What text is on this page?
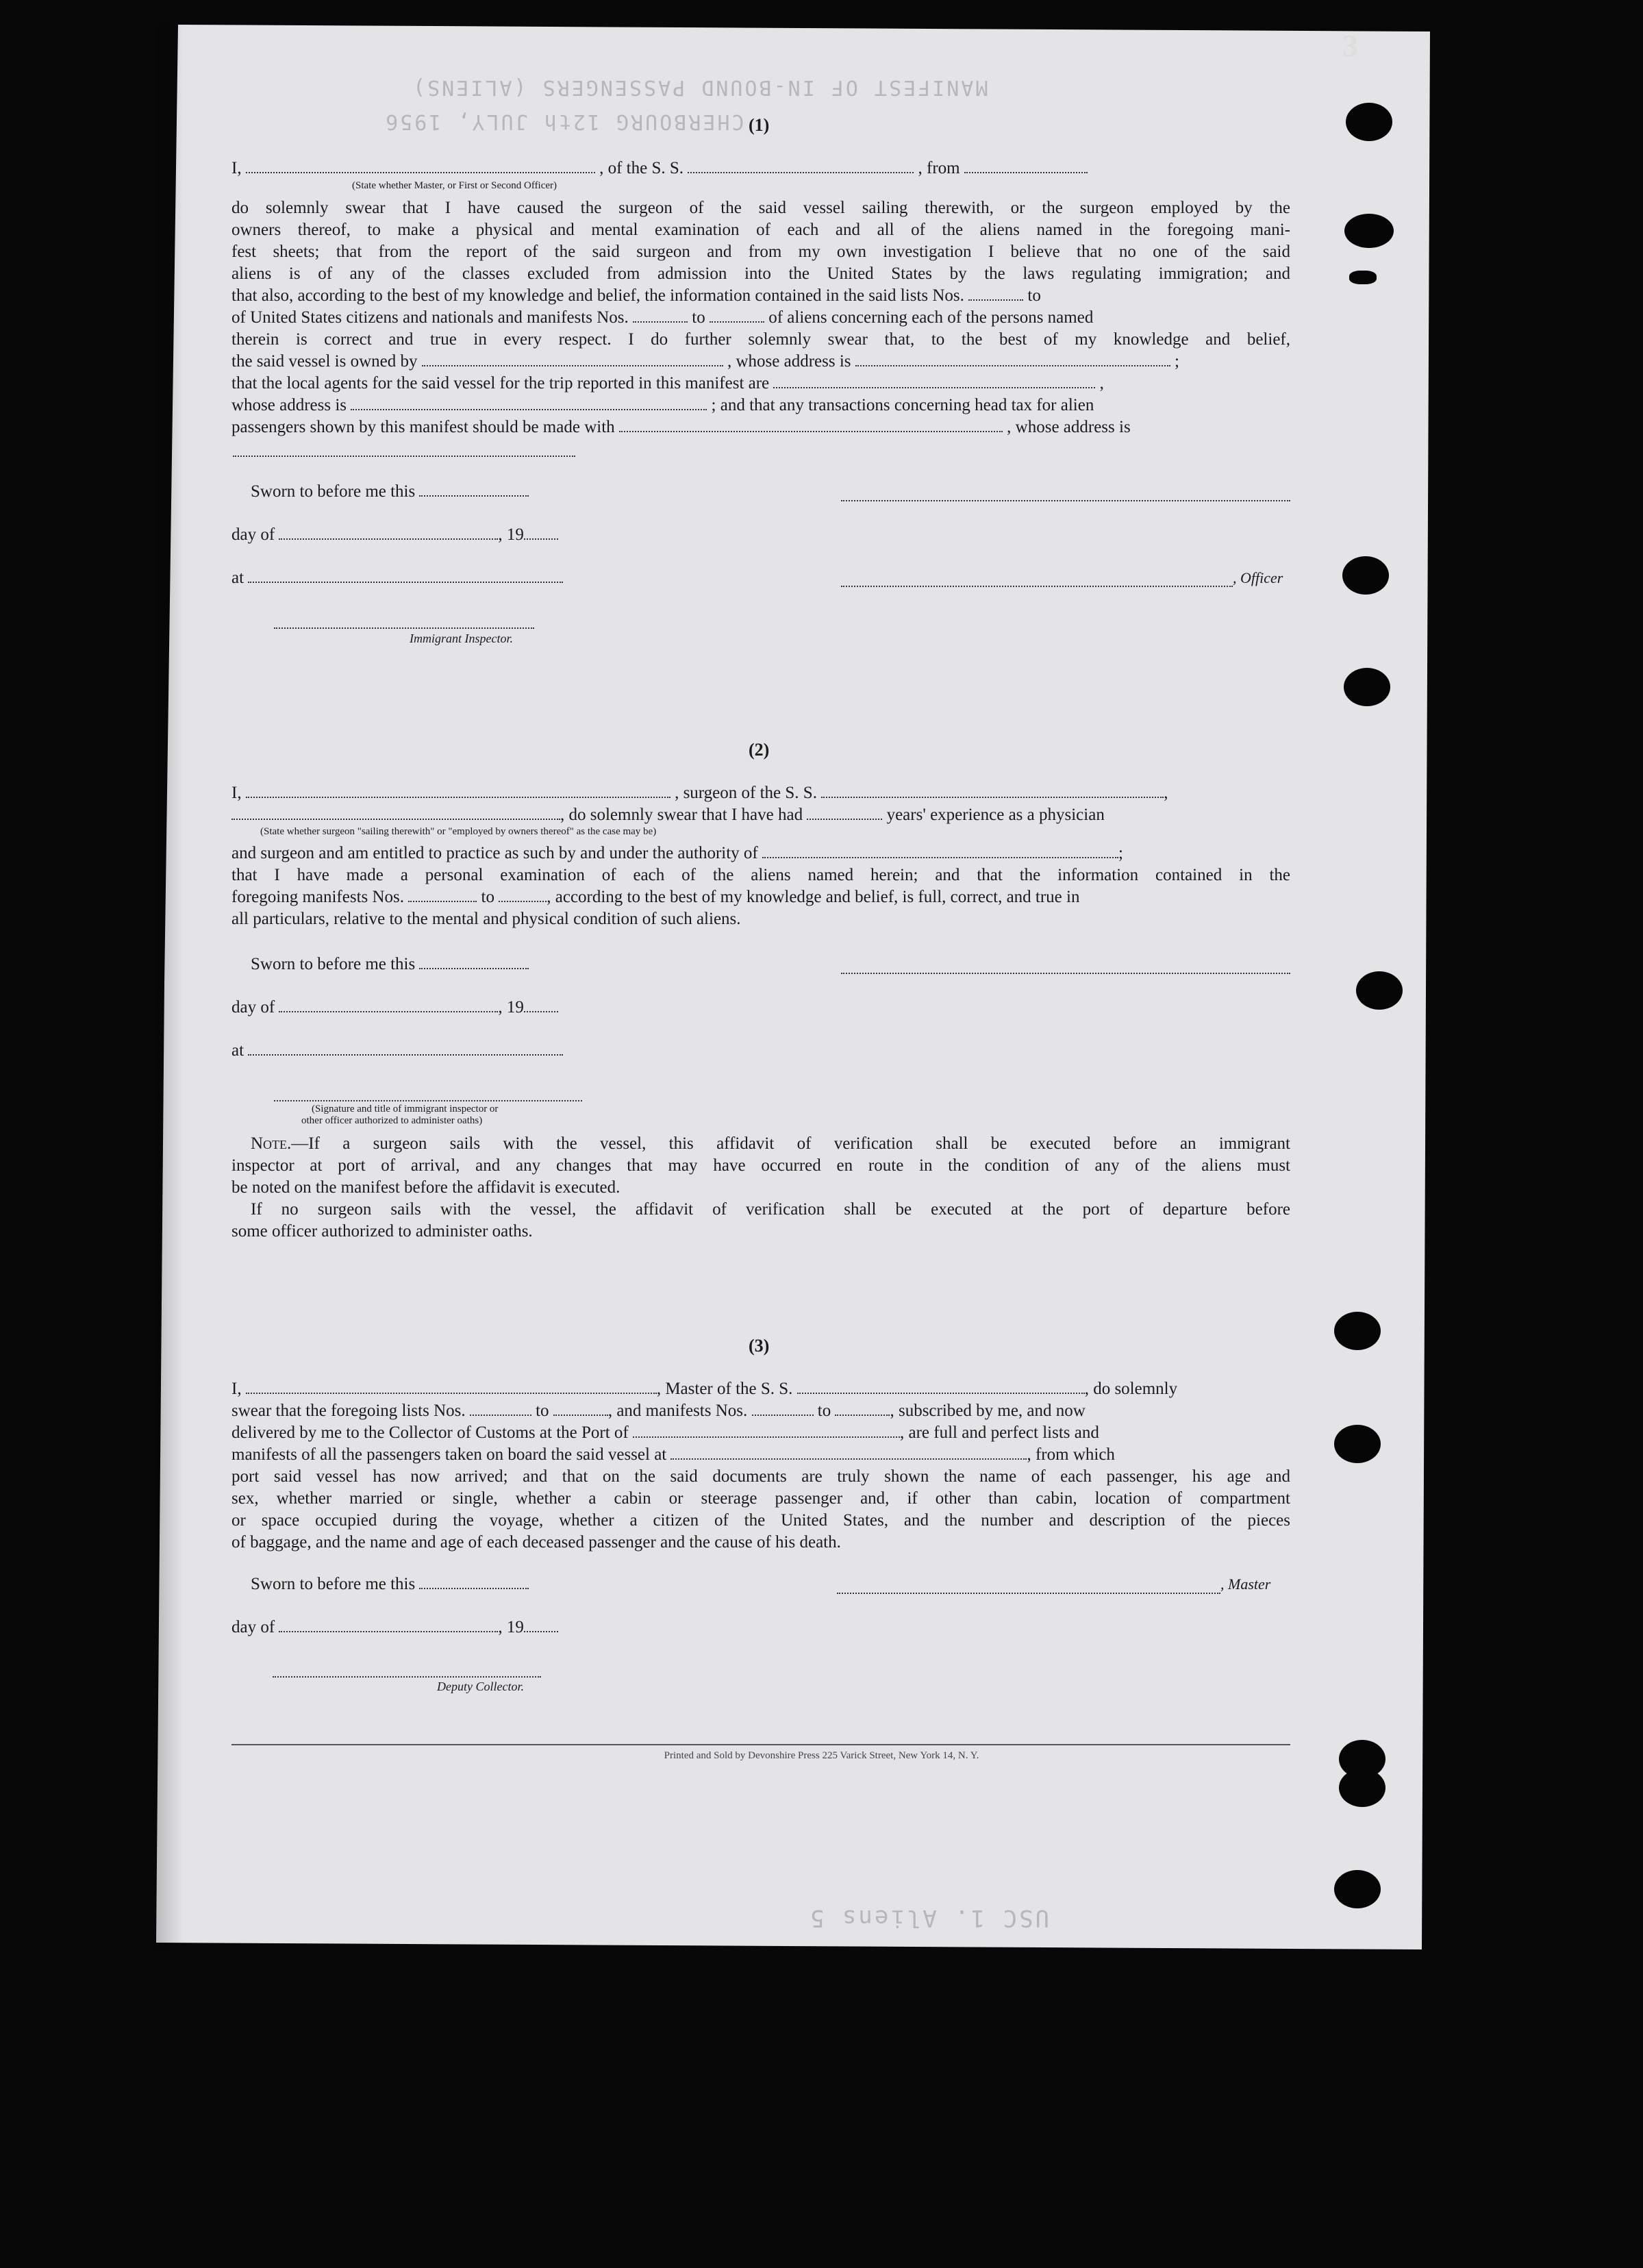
MANIFEST OF IN-BOUND PASSENGERS (ALIENS)
CHERBOURG 12th JULY, 1956
USC 1. Aliens 5
3
(1)
I,	, of the S. S.	, from
(State whether Master, or First or Second Officer)
do solemnly swear that I have caused the surgeon of the said vessel sailing therewith, or the surgeon employed by the
owners thereof, to make a physical and mental examination of each and all of the aliens named in the foregoing mani-
fest sheets; that from the report of the said surgeon and from my own investigation I believe that no one of the said
aliens is of any of the classes excluded from admission into the United States by the laws regulating immigration; and
that also, according to the best of my knowledge and belief, the information contained in the said lists Nos.	to
of United States citizens and nationals and manifests Nos.	to	of aliens concerning each of the persons named
therein is correct and true in every respect. I do further solemnly swear that, to the best of my knowledge and belief,
the said vessel is owned by	, whose address is	;
that the local agents for the said vessel for the trip reported in this manifest are	,
whose address is	; and that any transactions concerning head tax for alien
passengers shown by this manifest should be made with	, whose address is
Sworn to before me this
day of	, 19
at	, Officer
Immigrant Inspector.
(2)
I,	, surgeon of the S. S.	,
, do solemnly swear that I have had	years' experience as a physician
(State whether surgeon "sailing therewith" or "employed by owners thereof" as the case may be)
and surgeon and am entitled to practice as such by and under the authority of	;
that I have made a personal examination of each of the aliens named herein; and that the information contained in the
foregoing manifests Nos.	to	, according to the best of my knowledge and belief, is full, correct, and true in
all particulars, relative to the mental and physical condition of such aliens.
Sworn to before me this
day of	, 19
at
(Signature and title of immigrant inspector or
other officer authorized to administer oaths)
Note.—If a surgeon sails with the vessel, this affidavit of verification shall be executed before an immigrant
inspector at port of arrival, and any changes that may have occurred en route in the condition of any of the aliens must
be noted on the manifest before the affidavit is executed.
If no surgeon sails with the vessel, the affidavit of verification shall be executed at the port of departure before
some officer authorized to administer oaths.
(3)
I,	, Master of the S. S.	, do solemnly
swear that the foregoing lists Nos.	to	, and manifests Nos.	to	, subscribed by me, and now
delivered by me to the Collector of Customs at the Port of	, are full and perfect lists and
manifests of all the passengers taken on board the said vessel at	, from which
port said vessel has now arrived; and that on the said documents are truly shown the name of each passenger, his age and
sex, whether married or single, whether a cabin or steerage passenger and, if other than cabin, location of compartment
or space occupied during the voyage, whether a citizen of the United States, and the number and description of the pieces
of baggage, and the name and age of each deceased passenger and the cause of his death.
Sworn to before me this	, Master
day of	, 19
Deputy Collector.
Printed and Sold by Devonshire Press 225 Varick Street, New York 14, N. Y.
